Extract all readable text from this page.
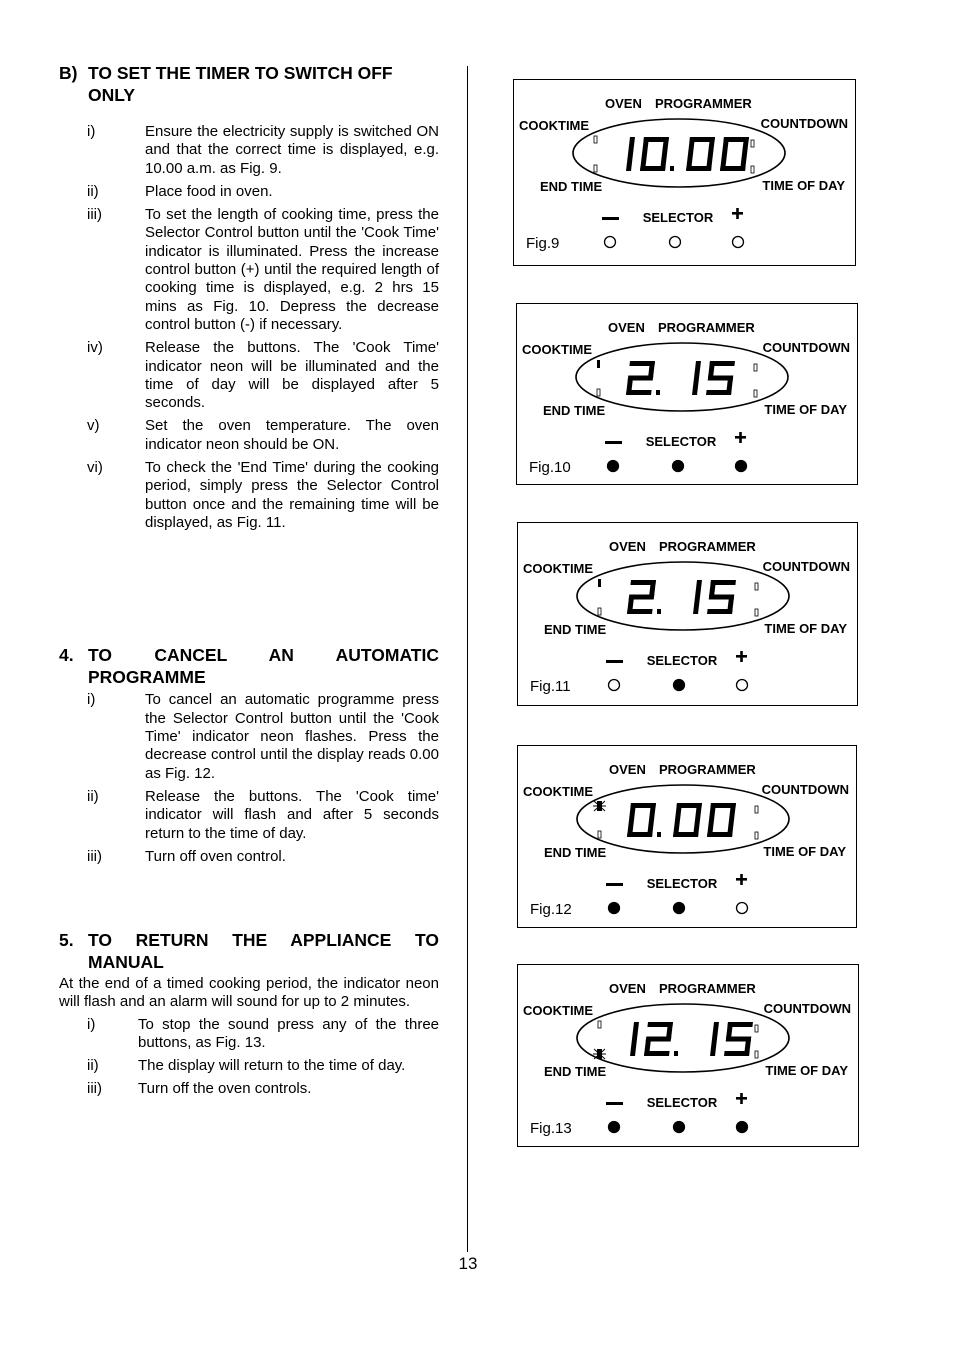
B) TO SET THE TIMER TO SWITCH OFF ONLY
i)	Ensure the electricity supply is switched ON and that the correct time is displayed, e.g. 10.00 a.m. as Fig. 9.
ii)	Place food in oven.
iii)	To set the length of cooking time, press the Selector Control button until the 'Cook Time' indicator is illuminated. Press the increase control button (+) until the required length of cooking time is displayed, e.g. 2 hrs 15 mins as Fig. 10. Depress the decrease control button (-) if necessary.
iv)	Release the buttons. The 'Cook Time' indicator neon will be illuminated and the time of day will be displayed after 5 seconds.
v)	Set the oven temperature. The oven indicator neon should be ON.
vi)	To check the 'End Time' during the cooking period, simply press the Selector Control button once and the remaining time will be displayed, as Fig. 11.
4. TO CANCEL AN AUTOMATIC PROGRAMME
i)	To cancel an automatic programme press the Selector Control button until the 'Cook Time' indicator neon flashes. Press the decrease control until the display reads 0.00 as Fig. 12.
ii)	Release the buttons. The 'Cook time' indicator will flash and after 5 seconds return to the time of day.
iii)	Turn off oven control.
5. TO RETURN THE APPLIANCE TO MANUAL

At the end of a timed cooking period, the indicator neon will flash and an alarm will sound for up to 2 minutes.

i)	To stop the sound press any of the three buttons, as Fig. 13.
ii)	The display will return to the time of day.
iii)	Turn off the oven controls.
13
OVEN PROGRAMMER
COOKTIME	COUNTDOWN
END TIME	TIME OF DAY
SELECTOR
Fig.9
OVEN PROGRAMMER
COOKTIME	COUNTDOWN
END TIME	TIME OF DAY
SELECTOR
Fig.10
OVEN PROGRAMMER
COOKTIME	COUNTDOWN
END TIME	TIME OF DAY
SELECTOR
Fig.11
OVEN PROGRAMMER
COOKTIME	COUNTDOWN
END TIME	TIME OF DAY
SELECTOR
Fig.12
OVEN PROGRAMMER
COOKTIME	COUNTDOWN
END TIME	TIME OF DAY
SELECTOR
Fig.13
